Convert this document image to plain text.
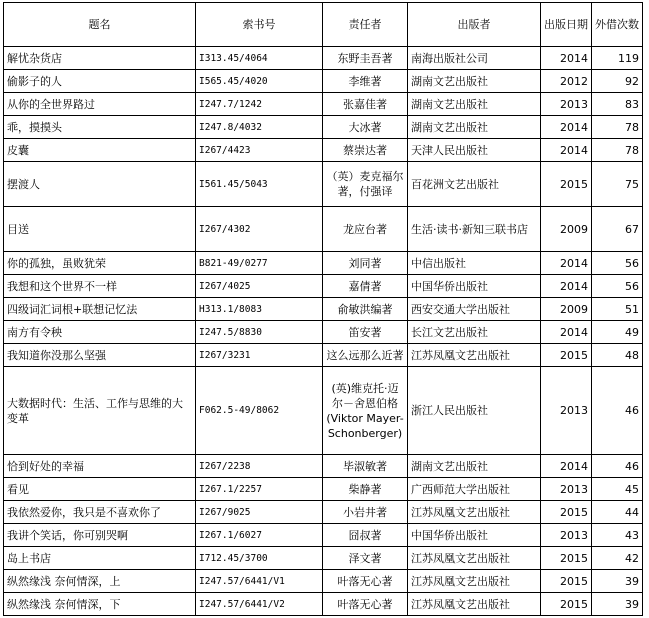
题名	索书号	责任者	出版者	出版日期	外借次数
解忧杂货店	I313.45/4064	东野圭吾著	南海出版社公司	2014	119
偷影子的人	I565.45/4020	李维著	湖南文艺出版社	2012	92
从你的全世界路过	I247.7/1242	张嘉佳著	湖南文艺出版社	2013	83
乖，摸摸头	I247.8/4032	大冰著	湖南文艺出版社	2014	78
皮囊	I267/4423	蔡崇达著	天津人民出版社	2014	78
摆渡人	I561.45/5043	（英）麦克福尔著，付强译	百花洲文艺出版社	2015	75
目送	I267/4302	龙应台著	生活·读书·新知三联书店	2009	67
你的孤独，虽败犹荣	B821-49/0277	刘同著	中信出版社	2014	56
我想和这个世界不一样	I267/4025	嘉倩著	中国华侨出版社	2014	56
四级词汇词根+联想记忆法	H313.1/8083	俞敏洪编著	西安交通大学出版社	2009	51
南方有令秧	I247.5/8830	笛安著	长江文艺出版社	2014	49
我知道你没那么坚强	I267/3231	这么远那么近著	江苏凤凰文艺出版社	2015	48
大数据时代：生活、工作与思维的大变革	F062.5-49/8062	(英)维克托·迈尔－舍恩伯格(Viktor Mayer-Schonberger)	浙江人民出版社	2013	46
恰到好处的幸福	I267/2238	毕淑敏著	湖南文艺出版社	2014	46
看见	I267.1/2257	柴静著	广西师范大学出版社	2013	45
我依然爱你，我只是不喜欢你了	I267/9025	小岩井著	江苏凤凰文艺出版社	2015	44
我讲个笑话，你可别哭啊	I267.1/6027	囧叔著	中国华侨出版社	2013	43
岛上书店	I712.45/3700	泽文著	江苏凤凰文艺出版社	2015	42
纵然缘浅 奈何情深，上	I247.57/6441/V1	叶落无心著	江苏凤凰文艺出版社	2015	39
纵然缘浅 奈何情深，下	I247.57/6441/V2	叶落无心著	江苏凤凰文艺出版社	2015	39
